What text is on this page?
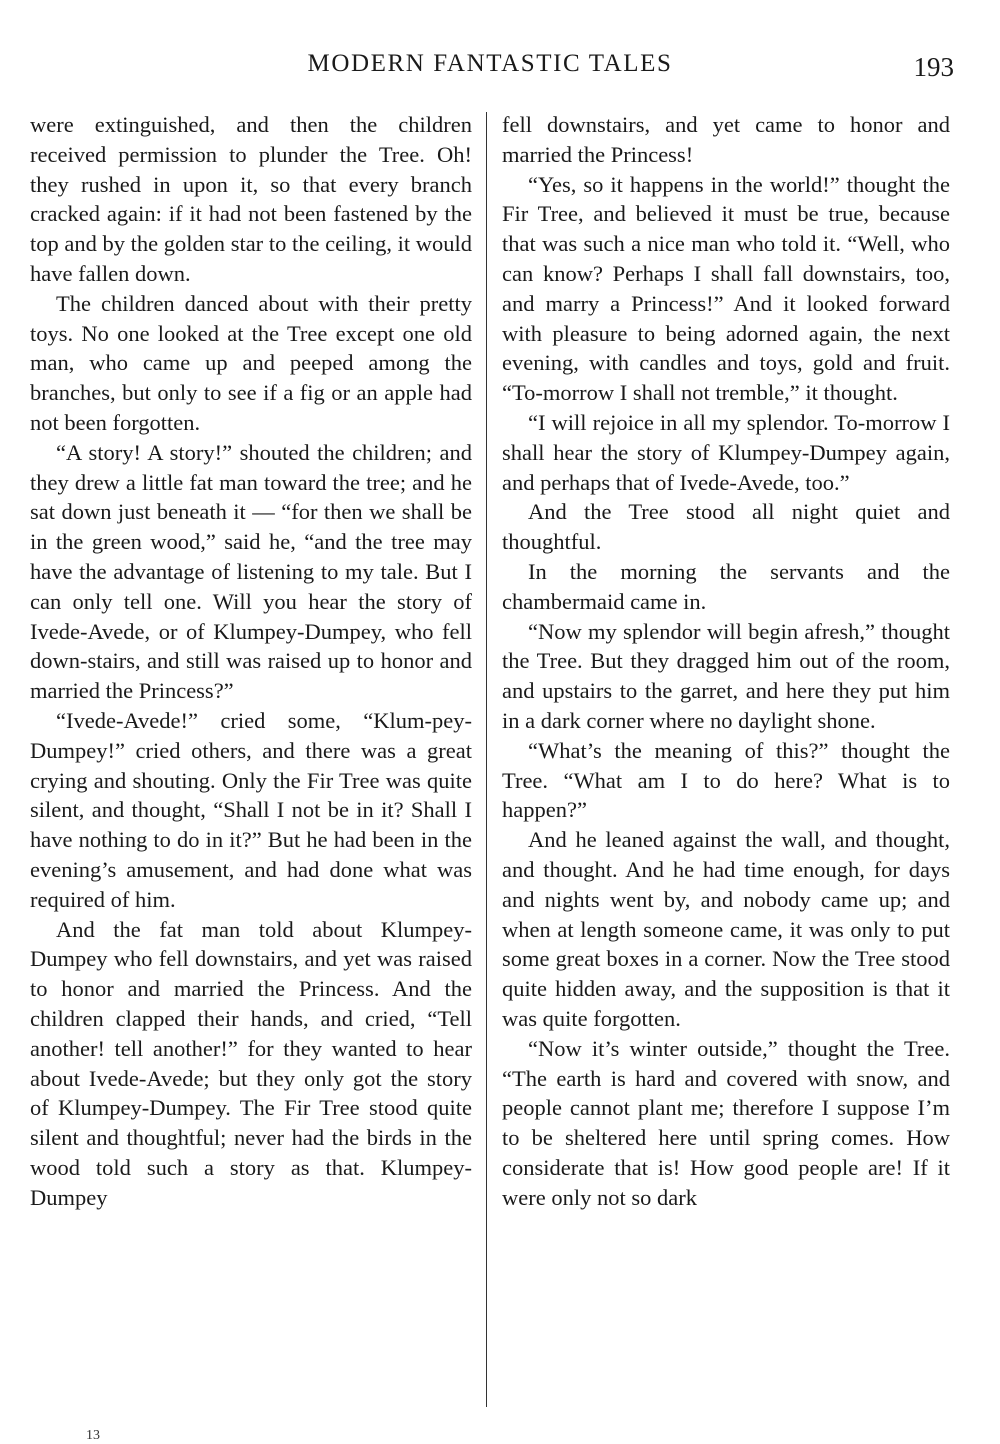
MODERN FANTASTIC TALES	193

were extinguished, and then the children received permission to plunder the Tree. Oh! they rushed in upon it, so that every branch cracked again: if it had not been fastened by the top and by the golden star to the ceiling, it would have fallen down.

The children danced about with their pretty toys. No one looked at the Tree except one old man, who came up and peeped among the branches, but only to see if a fig or an apple had not been forgotten.

“A story! A story!” shouted the children; and they drew a little fat man toward the tree; and he sat down just beneath it — “for then we shall be in the green wood,” said he, “and the tree may have the advantage of listening to my tale. But I can only tell one. Will you hear the story of Ivede-Avede, or of Klumpey-Dumpey, who fell down-stairs, and still was raised up to honor and married the Princess?”

“Ivede-Avede!” cried some, “Klum-pey-Dumpey!” cried others, and there was a great crying and shouting. Only the Fir Tree was quite silent, and thought, “Shall I not be in it? Shall I have nothing to do in it?” But he had been in the evening’s amusement, and had done what was required of him.

And the fat man told about Klumpey-Dumpey who fell downstairs, and yet was raised to honor and married the Princess. And the children clapped their hands, and cried, “Tell another! tell another!” for they wanted to hear about Ivede-Avede; but they only got the story of Klumpey-Dumpey. The Fir Tree stood quite silent and thoughtful; never had the birds in the wood told such a story as that. Klumpey-Dumpey

fell downstairs, and yet came to honor and married the Princess!

“Yes, so it happens in the world!” thought the Fir Tree, and believed it must be true, because that was such a nice man who told it. “Well, who can know? Perhaps I shall fall downstairs, too, and marry a Princess!” And it looked forward with pleasure to being adorned again, the next evening, with candles and toys, gold and fruit. “To-morrow I shall not tremble,” it thought.

“I will rejoice in all my splendor. To-morrow I shall hear the story of Klumpey-Dumpey again, and perhaps that of Ivede-Avede, too.”

And the Tree stood all night quiet and thoughtful.

In the morning the servants and the chambermaid came in.

“Now my splendor will begin afresh,” thought the Tree. But they dragged him out of the room, and upstairs to the garret, and here they put him in a dark corner where no daylight shone.

“What’s the meaning of this?” thought the Tree. “What am I to do here? What is to happen?”

And he leaned against the wall, and thought, and thought. And he had time enough, for days and nights went by, and nobody came up; and when at length someone came, it was only to put some great boxes in a corner. Now the Tree stood quite hidden away, and the supposition is that it was quite forgotten.

“Now it’s winter outside,” thought the Tree. “The earth is hard and covered with snow, and people cannot plant me; therefore I suppose I’m to be sheltered here until spring comes. How considerate that is! How good people are! If it were only not so dark

13
